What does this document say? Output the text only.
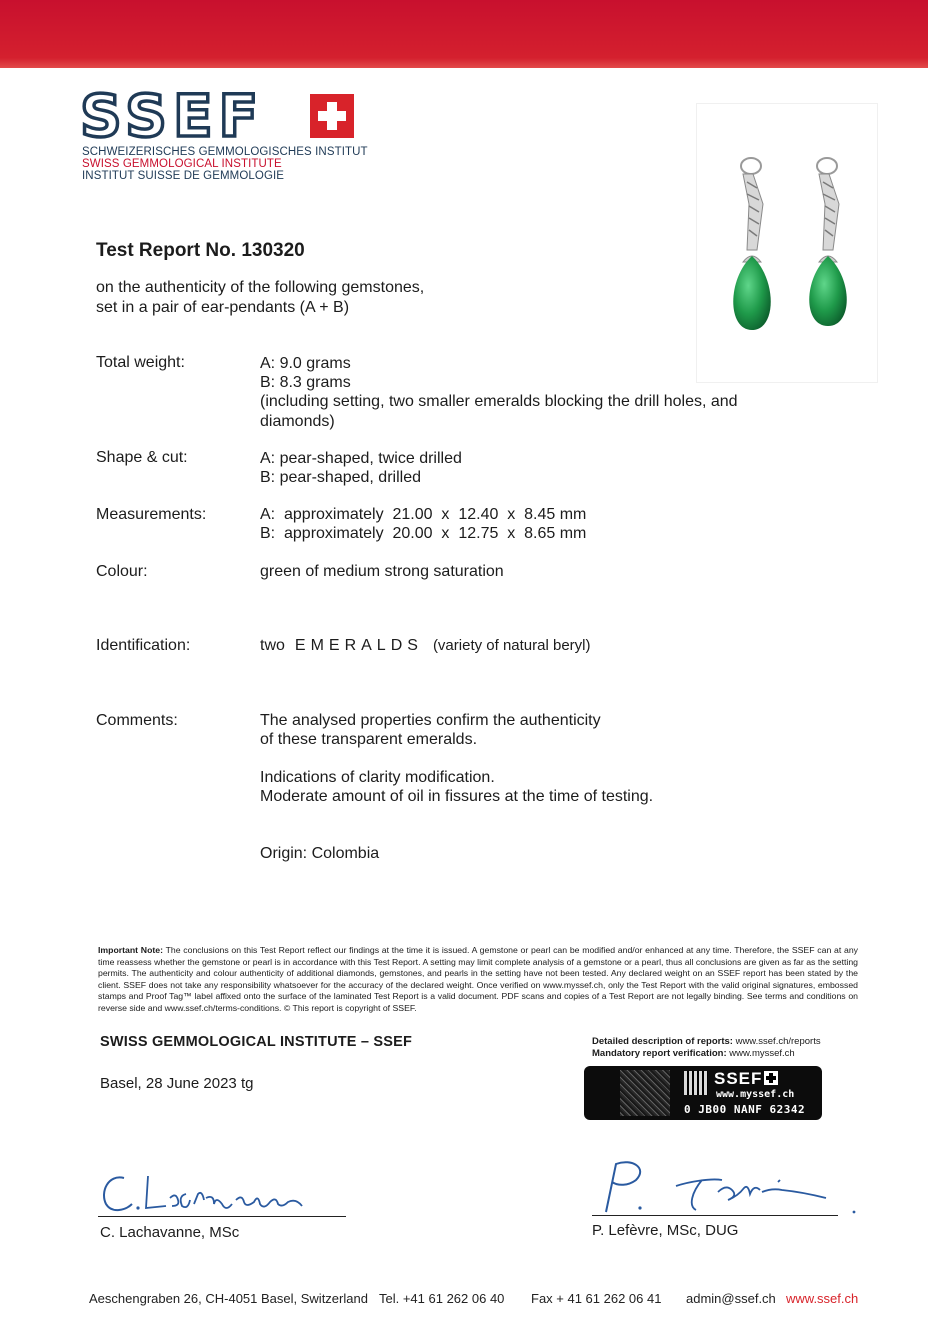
SSEF
SCHWEIZERISCHES GEMMOLOGISCHES INSTITUT
SWISS GEMMOLOGICAL INSTITUTE
INSTITUT SUISSE DE GEMMOLOGIE
Test Report No. 130320
on the authenticity of the following gemstones,
set in a pair of ear-pendants (A + B)
Total weight:	A: 9.0 grams
B: 8.3 grams
(including setting, two smaller emeralds blocking the drill holes, and diamonds)
Shape & cut:	A: pear-shaped, twice drilled
B: pear-shaped, drilled
Measurements:	A:  approximately  21.00  x  12.40  x  8.45 mm
B:  approximately  20.00  x  12.75  x  8.65 mm
Colour:	green of medium strong saturation
Identification:	two EMERALDS (variety of natural beryl)
Comments:	The analysed properties confirm the authenticity
of these transparent emeralds.
Indications of clarity modification.
Moderate amount of oil in fissures at the time of testing.
Origin: Colombia
Important Note: The conclusions on this Test Report reflect our findings at the time it is issued. A gemstone or pearl can be modified and/or enhanced at any time. Therefore, the SSEF can at any time reassess whether the gemstone or pearl is in accordance with this Test Report. A setting may limit complete analysis of a gemstone or a pearl, thus all conclusions are given as far as the setting permits. The authenticity and colour authenticity of additional diamonds, gemstones, and pearls in the setting have not been tested. Any declared weight on an SSEF report has been stated by the client. SSEF does not take any responsibility whatsoever for the accuracy of the declared weight. Once verified on www.myssef.ch, only the Test Report with the valid original signatures, embossed stamps and Proof Tag™ label affixed onto the surface of the laminated Test Report is a valid document. PDF scans and copies of a Test Report are not legally binding. See terms and conditions on reverse side and www.ssef.ch/terms-conditions. © This report is copyright of SSEF.
SWISS GEMMOLOGICAL INSTITUTE – SSEF
Basel, 28 June 2023 tg
Detailed description of reports: www.ssef.ch/reports
Mandatory report verification: www.myssef.ch
SSEF
www.myssef.ch
0 JB00 NANF 62342
C. Lachavanne, MSc	P. Lefèvre, MSc, DUG
Aeschengraben 26, CH-4051 Basel, Switzerland Tel. +41 61 262 06 40 Fax + 41 61 262 06 41 admin@ssef.ch www.ssef.ch
